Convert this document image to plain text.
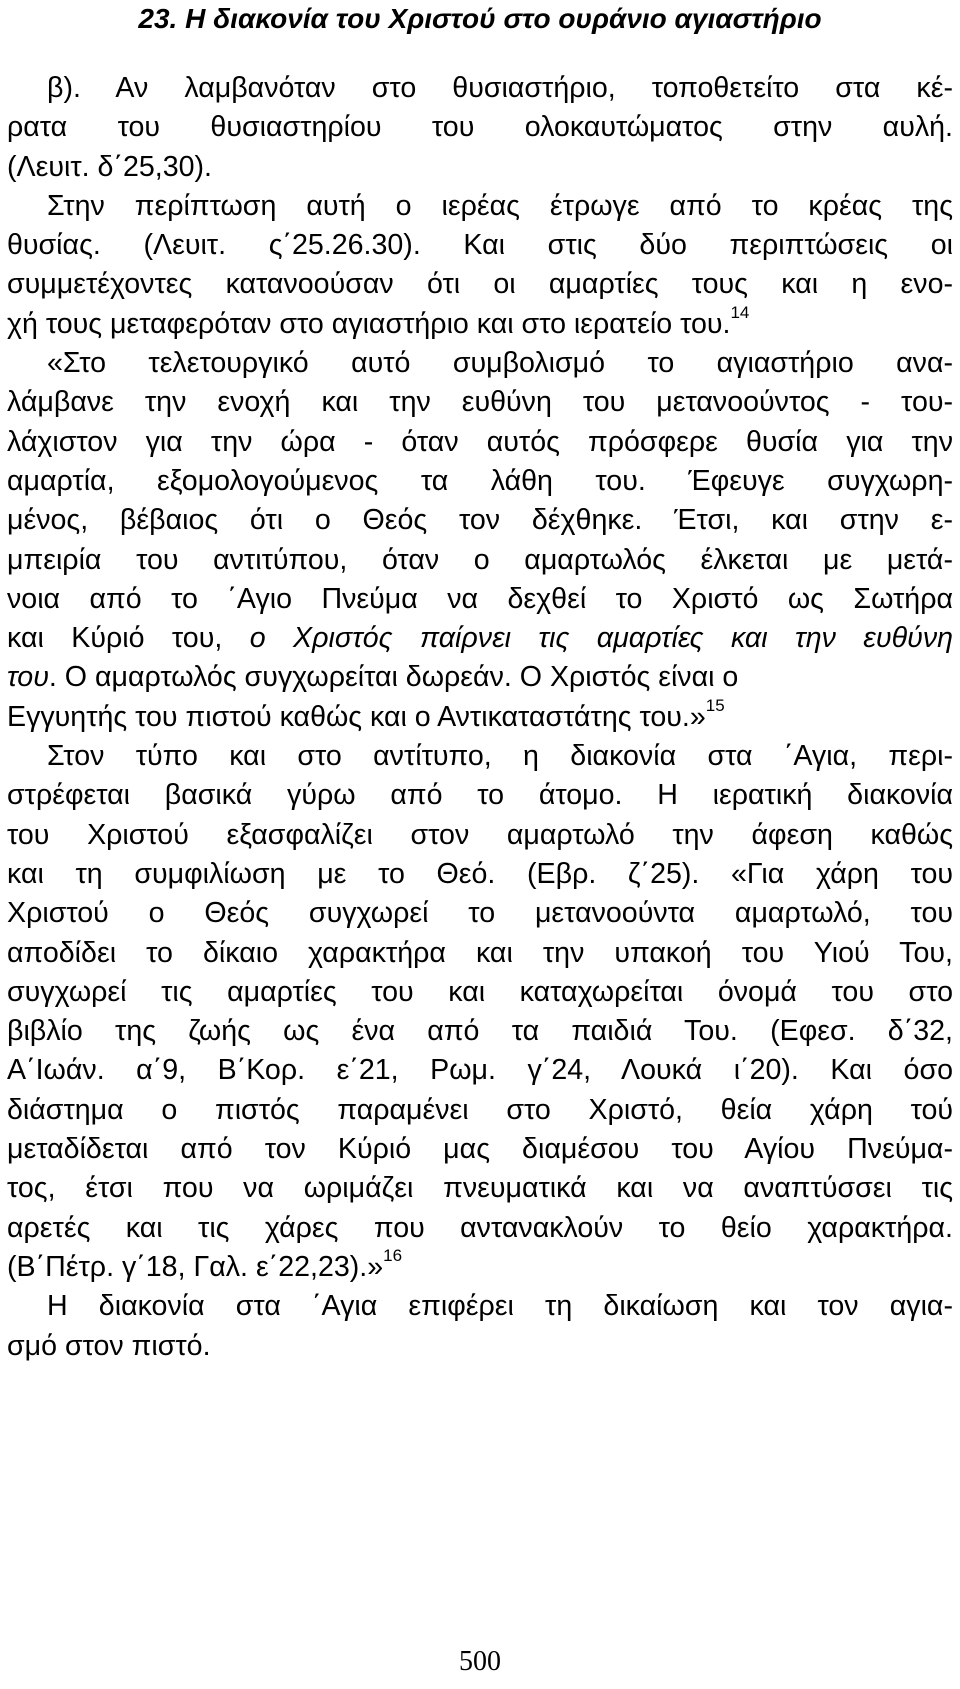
23. Η διακονία του Χριστού στο ουράνιο αγιαστήριο
β). Αν λαμβανόταν στο θυσιαστήριο, τοποθετείτο στα κέ-
ρατα του θυσιαστηρίου του ολοκαυτώματος στην αυλή.
(Λευιτ. δ΄25,30).
Στην περίπτωση αυτή ο ιερέας έτρωγε από το κρέας της
θυσίας. (Λευιτ. ς΄25.26.30). Και στις δύο περιπτώσεις οι
συμμετέχοντες κατανοούσαν ότι οι αμαρτίες τους και η ενο-
χή τους μεταφερόταν στο αγιαστήριο και στο ιερατείο του.$^{14}$
«Στο τελετουργικό αυτό συμβολισμό το αγιαστήριο ανα-
λάμβανε την ενοχή και την ευθύνη του μετανοούντος - του-
λάχιστον για την ώρα - όταν αυτός πρόσφερε θυσία για την
αμαρτία, εξομολογούμενος τα λάθη του. Έφευγε συγχωρη-
μένος, βέβαιος ότι ο Θεός τον δέχθηκε. Έτσι, και στην ε-
μπειρία του αντιτύπου, όταν ο αμαρτωλός έλκεται με μετά-
νοια από το ΄Αγιο Πνεύμα να δεχθεί το Χριστό ως Σωτήρα
και Κύριό του, ο Χριστός παίρνει τις αμαρτίες και την ευθύνη
του. Ο αμαρτωλός συγχωρείται δωρεάν. Ο Χριστός είναι ο
Εγγυητής του πιστού καθώς και ο Αντικαταστάτης του.»$^{15}$
Στον τύπο και στο αντίτυπο, η διακονία στα ΄Αγια, περι-
στρέφεται βασικά γύρω από το άτομο. Η ιερατική διακονία
του Χριστού εξασφαλίζει στον αμαρτωλό την άφεση καθώς
και τη συμφιλίωση με το Θεό. (Εβρ. ζ΄25). «Για χάρη του
Χριστού ο Θεός συγχωρεί το μετανοούντα αμαρτωλό, του
αποδίδει το δίκαιο χαρακτήρα και την υπακοή του Υιού Του,
συγχωρεί τις αμαρτίες του και καταχωρείται όνομά του στο
βιβλίο της ζωής ως ένα από τα παιδιά Του. (Εφεσ. δ΄32,
Α΄Ιωάν. α΄9, Β΄Κορ. ε΄21, Ρωμ. γ΄24, Λουκά ι΄20). Και όσο
διάστημα ο πιστός παραμένει στο Χριστό, θεία χάρη τού
μεταδίδεται από τον Κύριό μας διαμέσου του Αγίου Πνεύμα-
τος, έτσι που να ωριμάζει πνευματικά και να αναπτύσσει τις
αρετές και τις χάρες που αντανακλούν το θείο χαρακτήρα.
(Β΄Πέτρ. γ΄18, Γαλ. ε΄22,23).»$^{16}$
Η διακονία στα ΄Αγια επιφέρει τη δικαίωση και τον αγια-
σμό στον πιστό.
500
